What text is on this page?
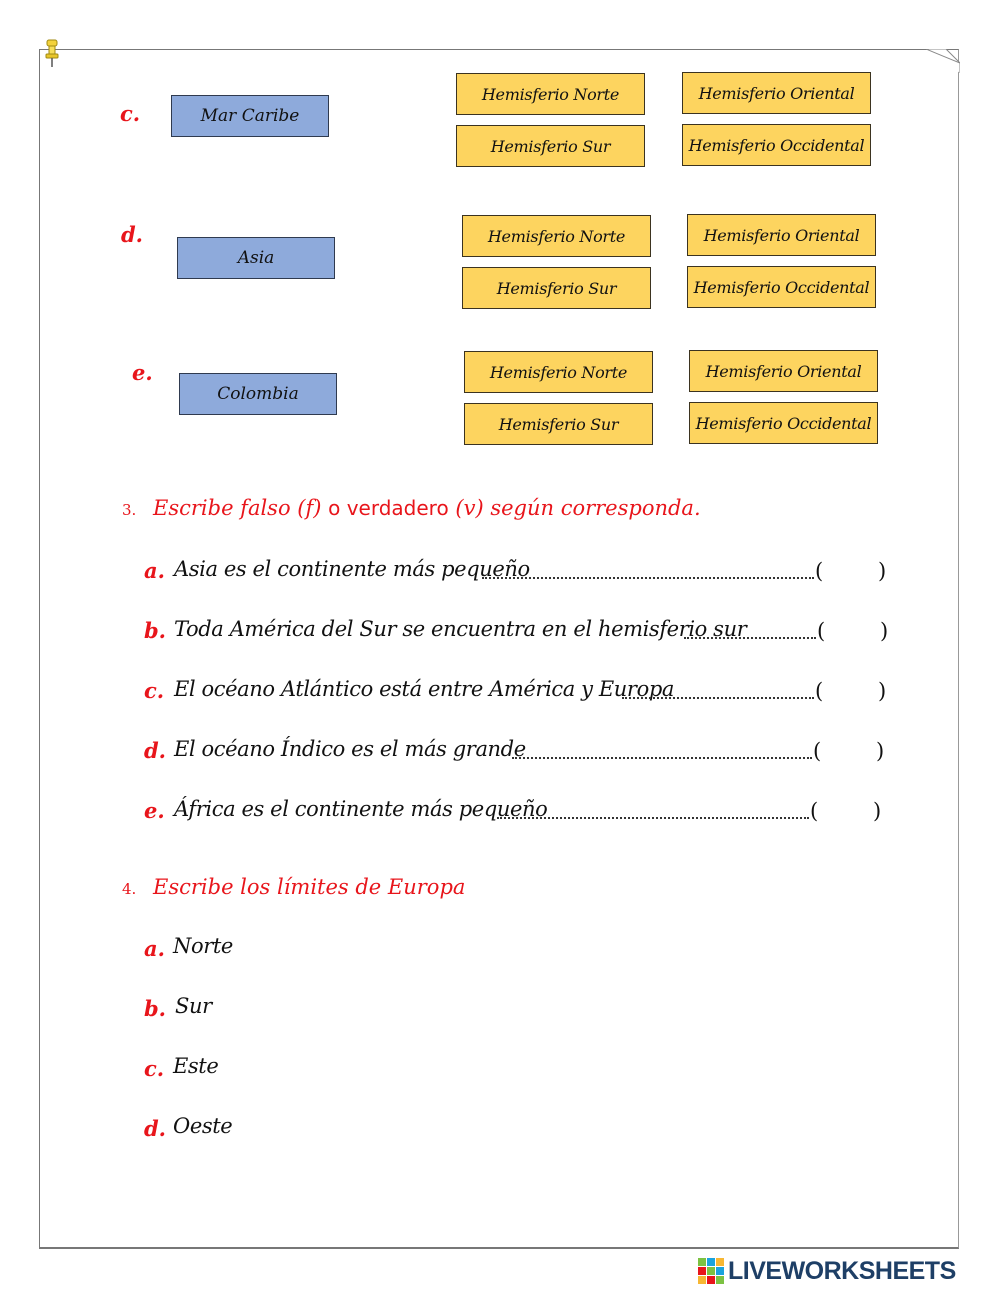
c.	Mar Caribe
Hemisferio Norte
Hemisferio Sur
Hemisferio Oriental
Hemisferio Occidental
d.
Asia
Hemisferio Norte
Hemisferio Sur
Hemisferio Oriental
Hemisferio Occidental
e.
Colombia
Hemisferio Norte
Hemisferio Sur
Hemisferio Oriental
Hemisferio Occidental
3. Escribe falso (f) o verdadero (v) según corresponda.
a. Asia es el continente más pequeño	(	)
b. Toda América del Sur se encuentra en el hemisferio sur	(	)
c. El océano Atlántico está entre América y Europa	(	)
d. El océano Índico es el más grande	(	)
e. África es el continente más pequeño	(	)
4. Escribe los límites de Europa
a. Norte
b. Sur
c. Este
d. Oeste
LIVEWORKSHEETS
